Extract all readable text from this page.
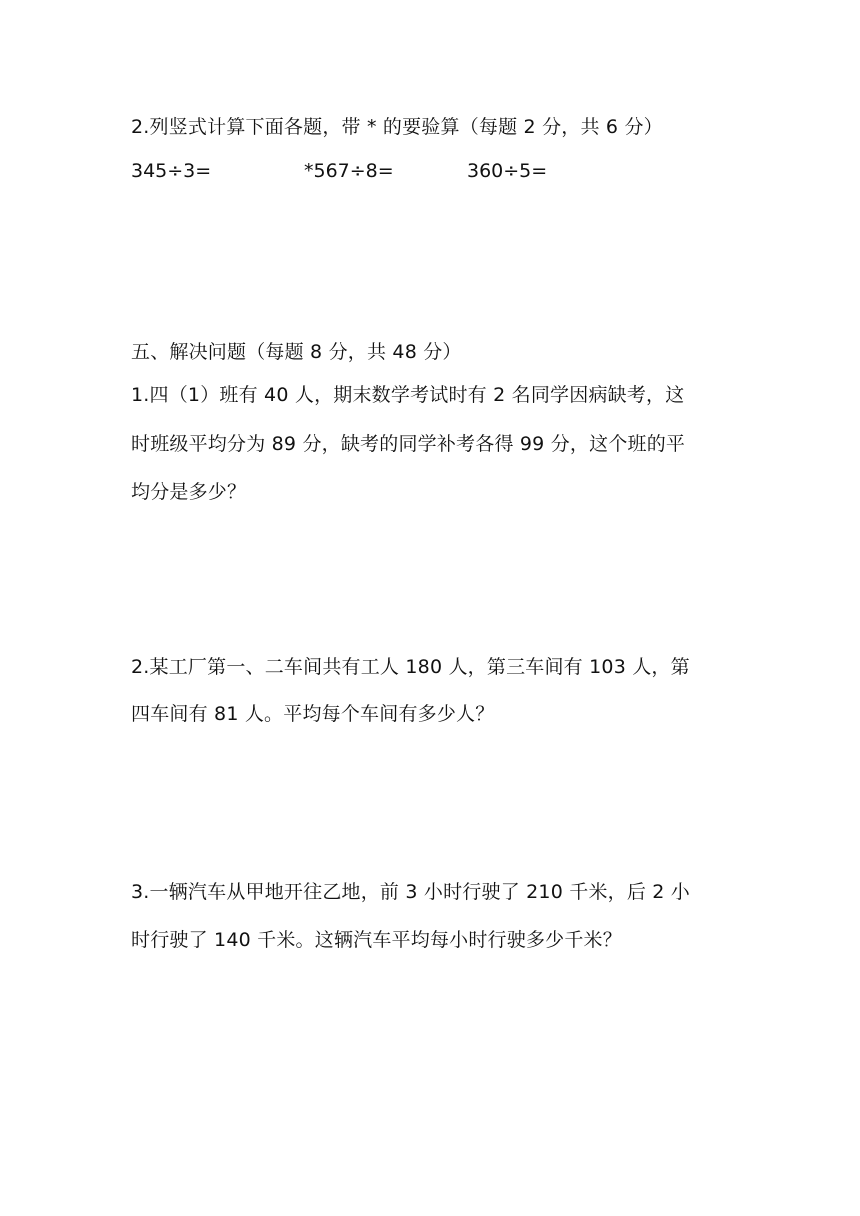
2.列竖式计算下面各题，带 * 的要验算（每题 2 分，共 6 分）
345÷3=	*567÷8=	360÷5=
五、解决问题（每题 8 分，共 48 分）
1.四（1）班有 40 人，期末数学考试时有 2 名同学因病缺考，这
时班级平均分为 89 分，缺考的同学补考各得 99 分，这个班的平
均分是多少？
2.某工厂第一、二车间共有工人 180 人，第三车间有 103 人，第
四车间有 81 人。平均每个车间有多少人？
3.一辆汽车从甲地开往乙地，前 3 小时行驶了 210 千米，后 2 小
时行驶了 140 千米。这辆汽车平均每小时行驶多少千米？
